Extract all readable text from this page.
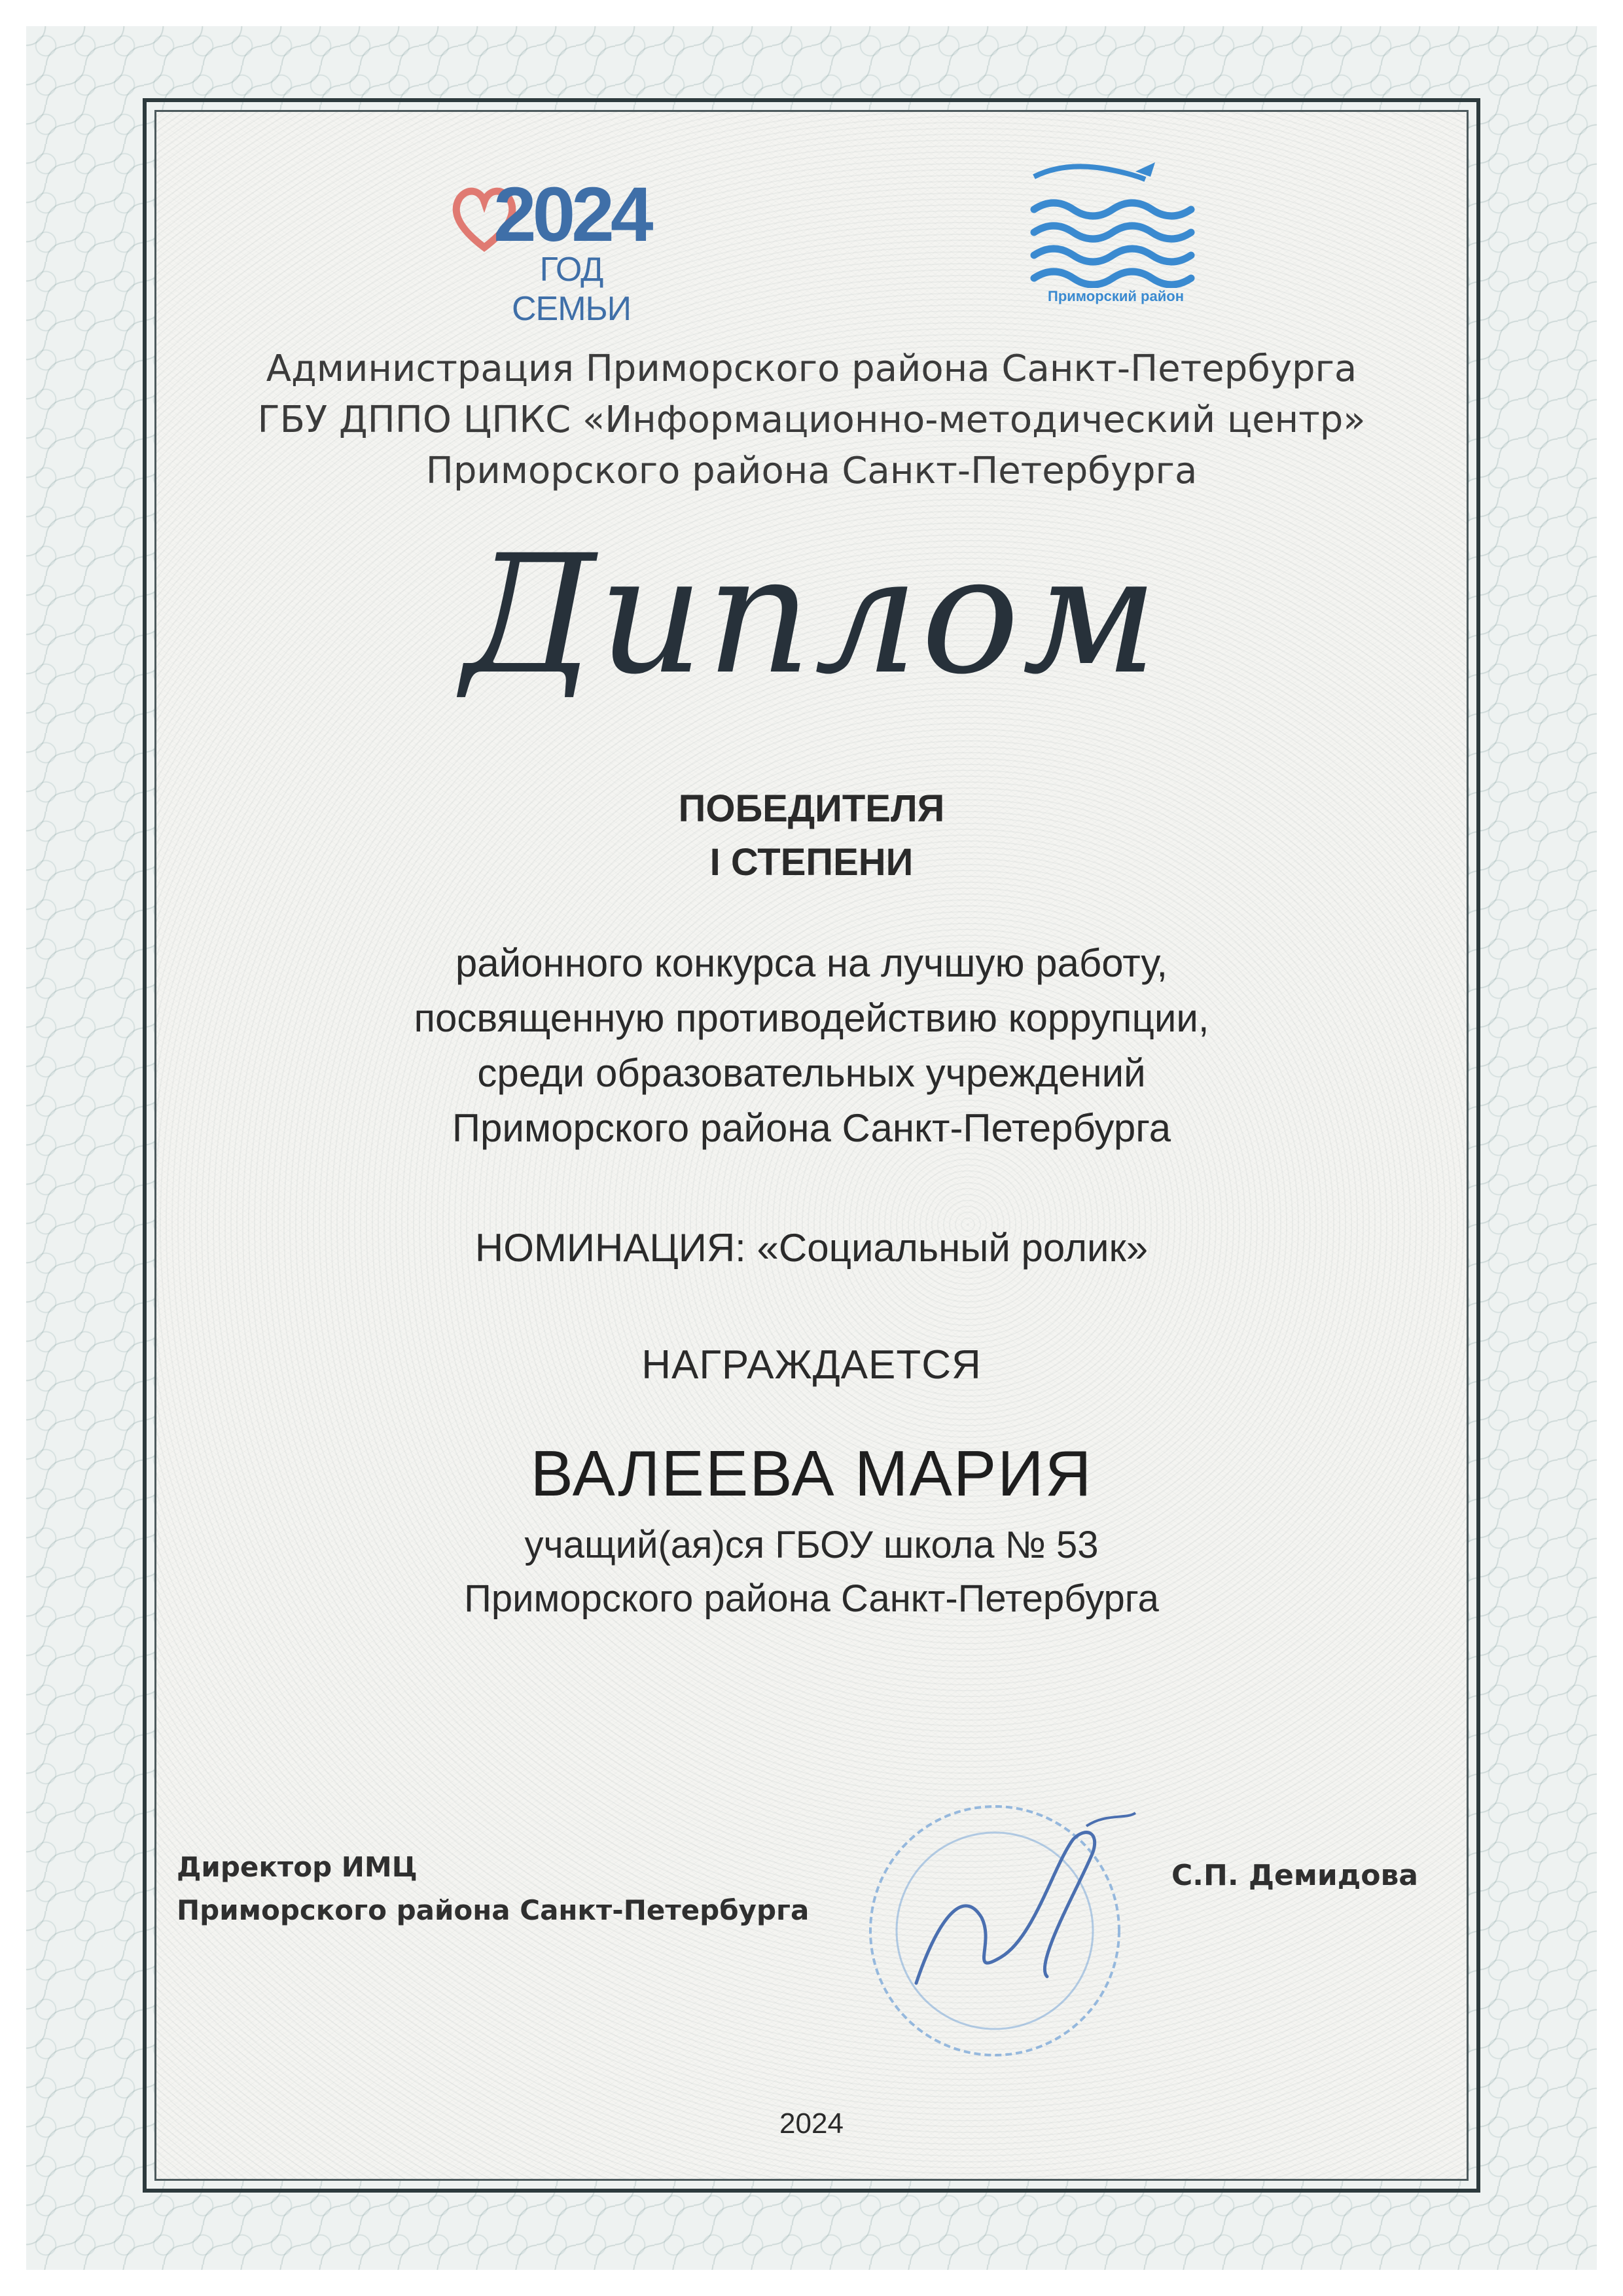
2024
ГОД СЕМЬИ	Приморский район
Администрация Приморского района Санкт-Петербурга
ГБУ ДППО ЦПКС «Информационно-методический центр»
Приморского района Санкт-Петербурга
Диплом
ПОБЕДИТЕЛЯ
I СТЕПЕНИ
районного конкурса на лучшую работу,
посвященную противодействию коррупции,
среди образовательных учреждений
Приморского района Санкт-Петербурга
НОМИНАЦИЯ: «Социальный ролик»
НАГРАЖДАЕТСЯ
ВАЛЕЕВА МАРИЯ
учащий(ая)ся ГБОУ школа № 53
Приморского района Санкт-Петербурга
Директор ИМЦ
Приморского района Санкт-Петербурга
С.П. Демидова
2024
